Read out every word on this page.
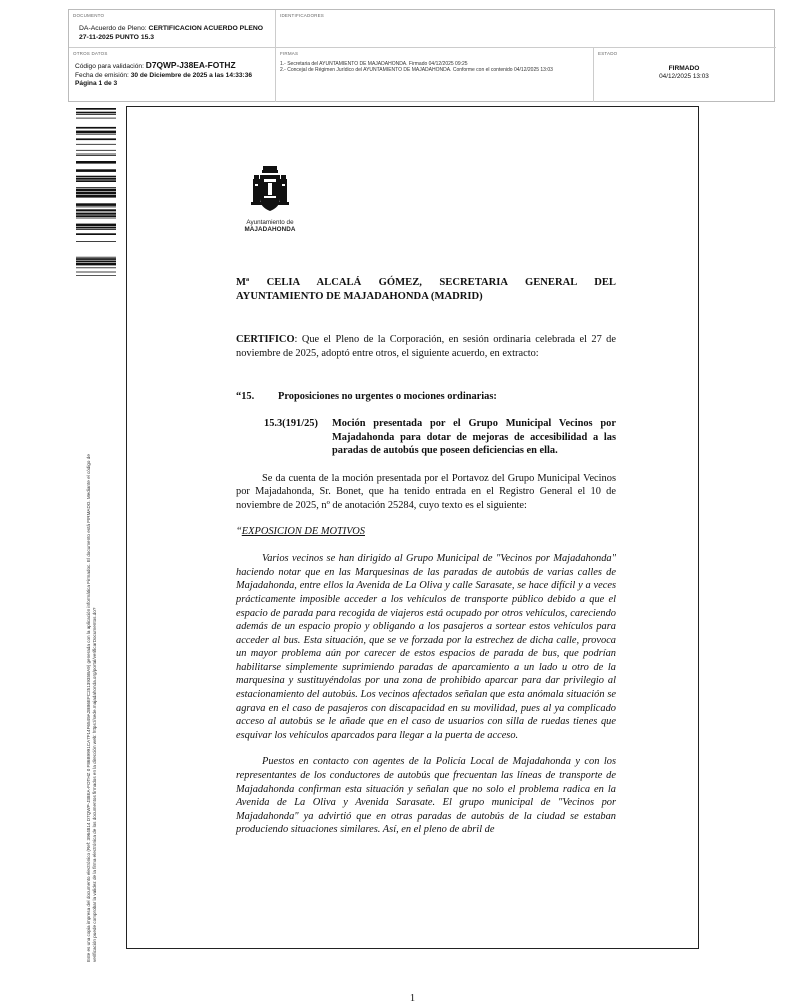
DOCUMENTO
DA-Acuerdo de Pleno: CERTIFICACION ACUERDO PLENO 27-11-2025 PUNTO 15.3
IDENTIFICADORES
OTROS DATOS
Código para validación: D7QWP-J38EA-FOTHZ
Fecha de emisión: 30 de Diciembre de 2025 a las 14:33:36
Página 1 de 3
FIRMAS
1.- Secretaria del AYUNTAMIENTO DE MAJADAHONDA. Firmado 04/12/2025 09:25
2.- Concejal de Régimen Jurídico del AYUNTAMIENTO DE MAJADAHONDA. Conforme con el contenido 04/12/2025 13:03
ESTADO
FIRMADO
04/12/2025 13:03
Este es una copia impresa del documento electrónico (Ref: 3964814 D7QWP-J38EA-FOTHZ 0 F86B9991CA7F14F6549A2BB6EFC2513935BA9) generada con la aplicación informática Firmadoc. El documento está FIRMADO. Mediante el código de verificación puede comprobar la validez de la firma electrónica de los documentos firmados en la dirección web: https://sede.majadahonda.org/portal/verificarDocumentos.do?
1
Ayuntamiento de
MAJADAHONDA
Mª CELIA ALCALÁ GÓMEZ, SECRETARIA GENERAL DEL AYUNTAMIENTO DE MAJADAHONDA (MADRID)

CERTIFICO: Que el Pleno de la Corporación, en sesión ordinaria celebrada el 27 de noviembre de 2025, adoptó entre otros, el siguiente acuerdo, en extracto:

“15.	Proposiciones no urgentes o mociones ordinarias:
15.3(191/25)	Moción presentada por el Grupo Municipal Vecinos por Majadahonda para dotar de mejoras de accesibilidad a las paradas de autobús que poseen deficiencias en ella.

Se da cuenta de la moción presentada por el Portavoz del Grupo Municipal Vecinos por Majadahonda, Sr. Bonet, que ha tenido entrada en el Registro General el 10 de noviembre de 2025, nº de anotación 25284, cuyo texto es el siguiente:

“EXPOSICION DE MOTIVOS

Varios vecinos se han dirigido al Grupo Municipal de "Vecinos por Majadahonda" haciendo notar que en las Marquesinas de las paradas de autobús de varias calles de Majadahonda, entre ellos la Avenida de La Oliva y calle Sarasate, se hace difícil y a veces prácticamente imposible acceder a los vehículos de transporte público debido a que el espacio de parada para recogida de viajeros está ocupado por otros vehículos, careciendo además de un espacio propio y obligando a los pasajeros a sortear estos vehículos para acceder al bus. Esta situación, que se ve forzada por la estrechez de dicha calle, provoca un mayor problema aún por carecer de estos espacios de parada de bus, que podrían habilitarse simplemente suprimiendo paradas de aparcamiento a un lado u otro de la marquesina y sustituyéndolas por una zona de prohibido aparcar para dar privilegio al estacionamiento del autobús. Los vecinos afectados señalan que esta anómala situación se agrava en el caso de pasajeros con discapacidad en su movilidad, pues al ya complicado acceso al autobús se le añade que en el caso de usuarios con silla de ruedas tienes que esquivar los vehículos aparcados para llegar a la puerta de acceso.

Puestos en contacto con agentes de la Policía Local de Majadahonda y con los representantes de los conductores de autobús que frecuentan las líneas de transporte de Majadahonda confirman esta situación y señalan que no solo el problema radica en la Avenida de La Oliva y Avenida Sarasate. El grupo municipal de "Vecinos por Majadahonda" ya advirtió que en otras paradas de autobús de la ciudad se estaban produciendo situaciones similares. Así, en el pleno de abril de
